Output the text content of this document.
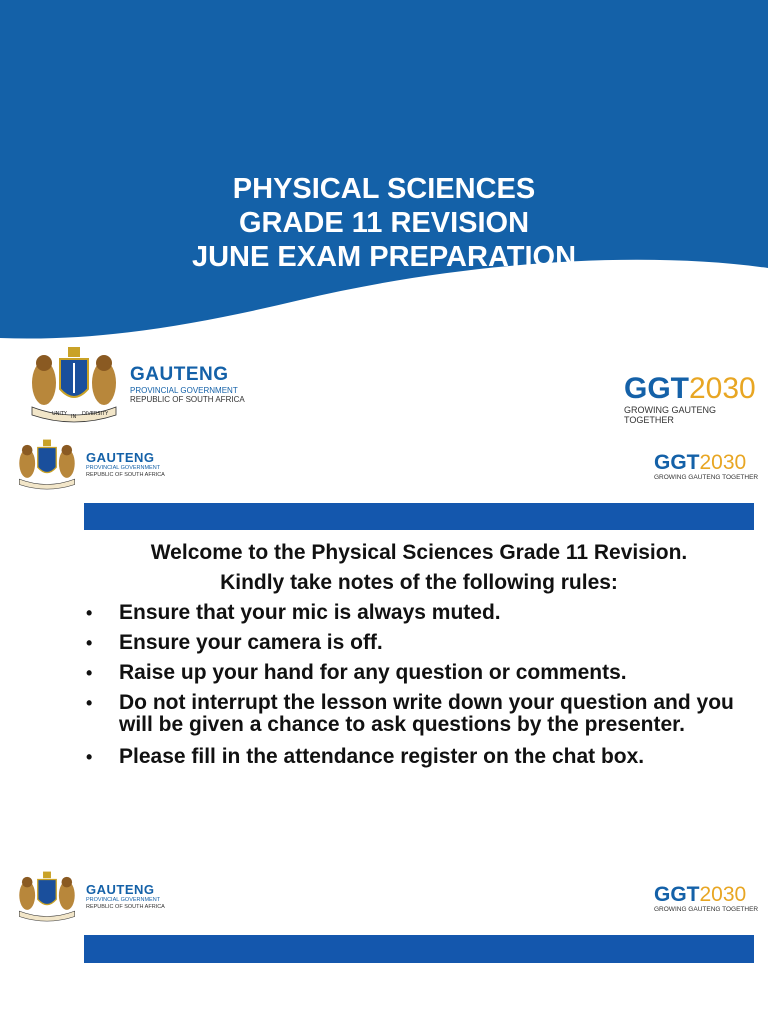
PHYSICAL SCIENCES
GRADE 11 REVISION
JUNE EXAM PREPARATION
UNITY IN DIVERSITY
GAUTENG
PROVINCIAL GOVERNMENT
REPUBLIC OF SOUTH AFRICA	GGT2030
GROWING GAUTENG TOGETHER
GAUTENG
PROVINCIAL GOVERNMENT
REPUBLIC OF SOUTH AFRICA
GGT2030
GROWING GAUTENG TOGETHER
Welcome to the Physical Sciences Grade 11 Revision.
Kindly take notes of the following rules:
• Ensure that your mic is always muted.
• Ensure your camera is off.
• Raise up your hand for any question or comments.
• Do not interrupt the lesson write down your question and you will be given a chance to ask questions by the presenter.
• Please fill in the attendance register on the chat box.
GAUTENG
PROVINCIAL GOVERNMENT
REPUBLIC OF SOUTH AFRICA
GGT2030
GROWING GAUTENG TOGETHER
